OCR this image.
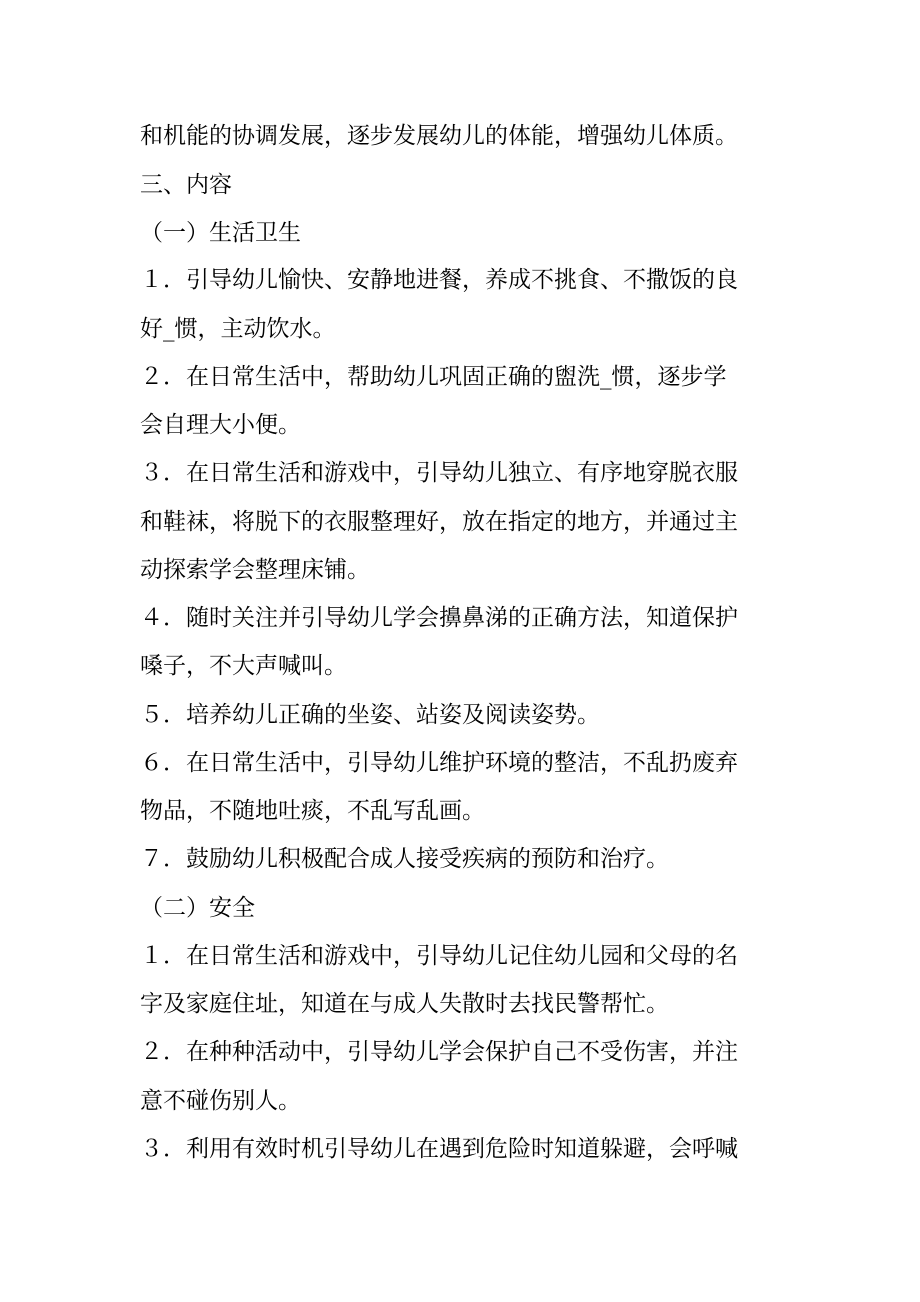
和机能的协调发展，逐步发展幼儿的体能，增强幼儿体质。
三、内容
（一）生活卫生
１．引导幼儿愉快、安静地进餐，养成不挑食、不撒饭的良
好_惯，主动饮水。
２．在日常生活中，帮助幼儿巩固正确的盥洗_惯，逐步学
会自理大小便。
３．在日常生活和游戏中，引导幼儿独立、有序地穿脱衣服
和鞋袜，将脱下的衣服整理好，放在指定的地方，并通过主
动探索学会整理床铺。
４．随时关注并引导幼儿学会擤鼻涕的正确方法，知道保护
嗓子，不大声喊叫。
５．培养幼儿正确的坐姿、站姿及阅读姿势。
６．在日常生活中，引导幼儿维护环境的整洁，不乱扔废弃
物品，不随地吐痰，不乱写乱画。
７．鼓励幼儿积极配合成人接受疾病的预防和治疗。
（二）安全
１．在日常生活和游戏中，引导幼儿记住幼儿园和父母的名
字及家庭住址，知道在与成人失散时去找民警帮忙。
２．在种种活动中，引导幼儿学会保护自己不受伤害，并注
意不碰伤别人。
３．利用有效时机引导幼儿在遇到危险时知道躲避，会呼喊
